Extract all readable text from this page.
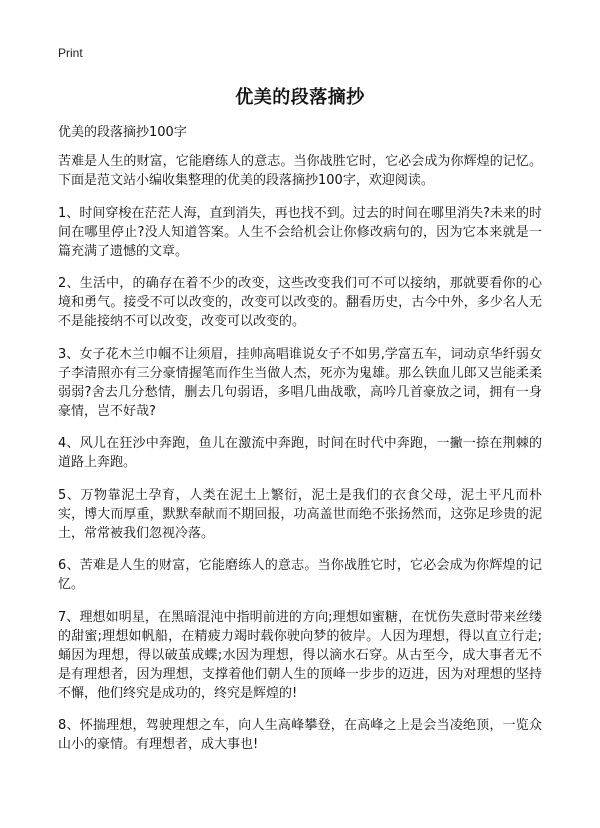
Print
优美的段落摘抄
优美的段落摘抄100字

苦难是人生的财富，它能磨练人的意志。当你战胜它时，它必会成为你辉煌的记忆。下面是范文站小编收集整理的优美的段落摘抄100字，欢迎阅读。

1、时间穿梭在茫茫人海，直到消失，再也找不到。过去的时间在哪里消失?未来的时间在哪里停止?没人知道答案。人生不会给机会让你修改病句的，因为它本来就是一篇充满了遗憾的文章。

2、生活中，的确存在着不少的改变，这些改变我们可不可以接纳，那就要看你的心境和勇气。接受不可以改变的，改变可以改变的。翻看历史，古今中外，多少名人无不是能接纳不可以改变，改变可以改变的。

3、女子花木兰巾帼不让须眉，挂帅高唱谁说女子不如男,学富五车，词动京华纤弱女子李清照亦有三分豪情握笔而作生当做人杰，死亦为鬼雄。那么铁血儿郎又岂能柔柔弱弱?舍去几分愁情，删去几句弱语，多唱几曲战歌，高吟几首豪放之词，拥有一身豪情，岂不好哉?

4、风儿在狂沙中奔跑，鱼儿在激流中奔跑，时间在时代中奔跑，一撇一捺在荆棘的道路上奔跑。

5、万物靠泥土孕育，人类在泥土上繁衍，泥土是我们的衣食父母，泥土平凡而朴实，博大而厚重，默默奉献而不期回报，功高盖世而绝不张扬然而，这弥足珍贵的泥土，常常被我们忽视冷落。

6、苦难是人生的财富，它能磨练人的意志。当你战胜它时，它必会成为你辉煌的记忆。

7、理想如明星，在黑暗混沌中指明前进的方向;理想如蜜糖，在忧伤失意时带来丝缕的甜蜜;理想如帆船，在精疲力竭时载你驶向梦的彼岸。人因为理想，得以直立行走;蛹因为理想，得以破茧成蝶;水因为理想，得以滴水石穿。从古至今，成大事者无不是有理想者，因为理想，支撑着他们朝人生的顶峰一步步的迈进，因为对理想的坚持不懈，他们终究是成功的，终究是辉煌的!

8、怀揣理想，驾驶理想之车，向人生高峰攀登，在高峰之上是会当凌绝顶，一览众山小的豪情。有理想者，成大事也!
